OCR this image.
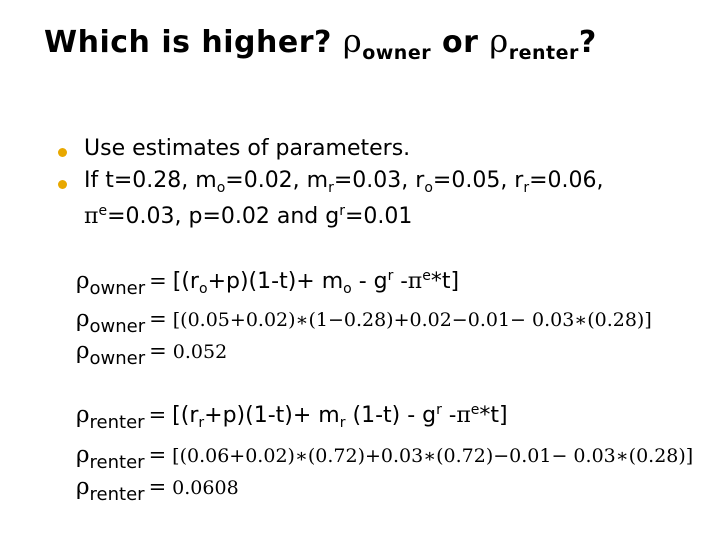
Which is higher? $\rho_{owner}$ or $\rho_{renter}$?
Use estimates of parameters.
If t=0.28, $m_o=0.02$, $m_r=0.03$, $r_o=0.05$, $r_r=0.06$,
$\pi^e=0.03$, p=0.02 and $g^r=0.01$
$\rho_{owner} = [(r_o+p)(1-t)+ m_o - g^r$ $-\pi^e*t$]
$\rho_{owner}$ = [(0.05+0.02)∗(1−0.28)+0.02−0.01− 0.03∗(0.28)]
$\rho_{owner} = 0.052$
$\rho_{renter} = [(r_r+p)(1-t)+ m_r$ $(1-t) - g^r$ $-\pi^e*t$]
$\rho_{renter}$ = [(0.06+0.02)∗(0.72)+0.03∗(0.72)−0.01− 0.03∗(0.28)]
$\rho_{renter} = 0.0608$
